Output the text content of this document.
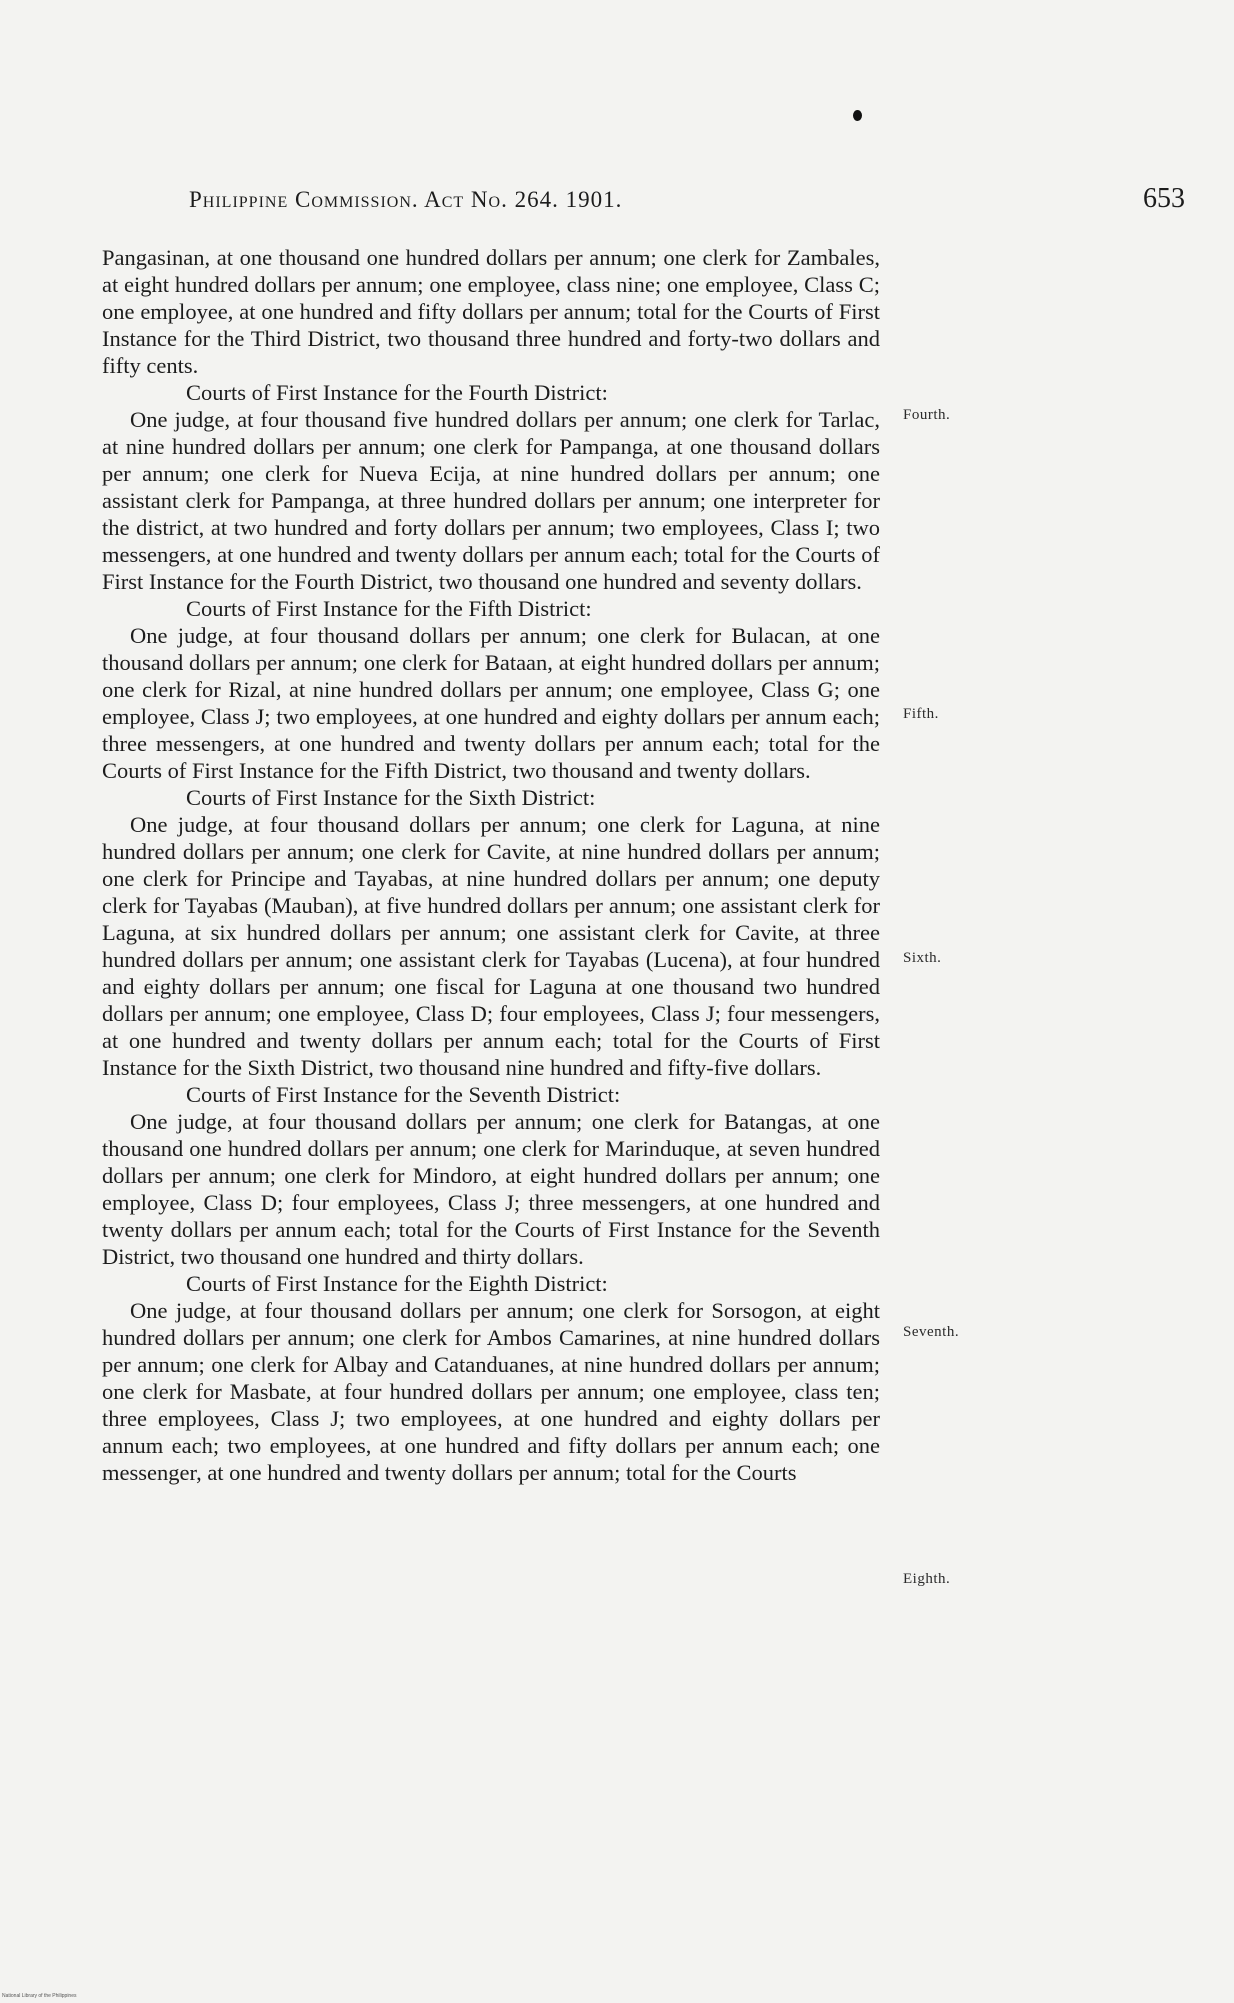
Philippine Commission. Act No. 264. 1901.	653

Pangasinan, at one thousand one hundred dollars per annum; one clerk for Zambales, at eight hundred dollars per annum; one employee, class nine; one employee, Class C; one employee, at one hundred and fifty dollars per annum; total for the Courts of First Instance for the Third District, two thousand three hundred and forty-two dollars and fifty cents.

Courts of First Instance for the Fourth District:

One judge, at four thousand five hundred dollars per annum; one clerk for Tarlac, at nine hundred dollars per annum; one clerk for Pampanga, at one thousand dollars per annum; one clerk for Nueva Ecija, at nine hundred dollars per annum; one assistant clerk for Pampanga, at three hundred dollars per annum; one interpreter for the district, at two hundred and forty dollars per annum; two employees, Class I; two messengers, at one hundred and twenty dollars per annum each; total for the Courts of First Instance for the Fourth District, two thousand one hundred and seventy dollars.

Courts of First Instance for the Fifth District:

One judge, at four thousand dollars per annum; one clerk for Bulacan, at one thousand dollars per annum; one clerk for Bataan, at eight hundred dollars per annum; one clerk for Rizal, at nine hundred dollars per annum; one employee, Class G; one employee, Class J; two employees, at one hundred and eighty dollars per annum each; three messengers, at one hundred and twenty dollars per annum each; total for the Courts of First Instance for the Fifth District, two thousand and twenty dollars.

Courts of First Instance for the Sixth District:

One judge, at four thousand dollars per annum; one clerk for Laguna, at nine hundred dollars per annum; one clerk for Cavite, at nine hundred dollars per annum; one clerk for Principe and Tayabas, at nine hundred dollars per annum; one deputy clerk for Tayabas (Mauban), at five hundred dollars per annum; one assistant clerk for Laguna, at six hundred dollars per annum; one assistant clerk for Cavite, at three hundred dollars per annum; one assistant clerk for Tayabas (Lucena), at four hundred and eighty dollars per annum; one fiscal for Laguna at one thousand two hundred dollars per annum; one employee, Class D; four employees, Class J; four messengers, at one hundred and twenty dollars per annum each; total for the Courts of First Instance for the Sixth District, two thousand nine hundred and fifty-five dollars.

Courts of First Instance for the Seventh District:

One judge, at four thousand dollars per annum; one clerk for Batangas, at one thousand one hundred dollars per annum; one clerk for Marinduque, at seven hundred dollars per annum; one clerk for Mindoro, at eight hundred dollars per annum; one employee, Class D; four employees, Class J; three messengers, at one hundred and twenty dollars per annum each; total for the Courts of First Instance for the Seventh District, two thousand one hundred and thirty dollars.

Courts of First Instance for the Eighth District:

One judge, at four thousand dollars per annum; one clerk for Sorsogon, at eight hundred dollars per annum; one clerk for Ambos Camarines, at nine hundred dollars per annum; one clerk for Albay and Catanduanes, at nine hundred dollars per annum; one clerk for Masbate, at four hundred dollars per annum; one employee, class ten; three employees, Class J; two employees, at one hundred and eighty dollars per annum each; two employees, at one hundred and fifty dollars per annum each; one messenger, at one hundred and twenty dollars per annum; total for the Courts

Fourth.
Fifth.
Sixth.
Seventh.
Eighth.
National Library of the Philippines
